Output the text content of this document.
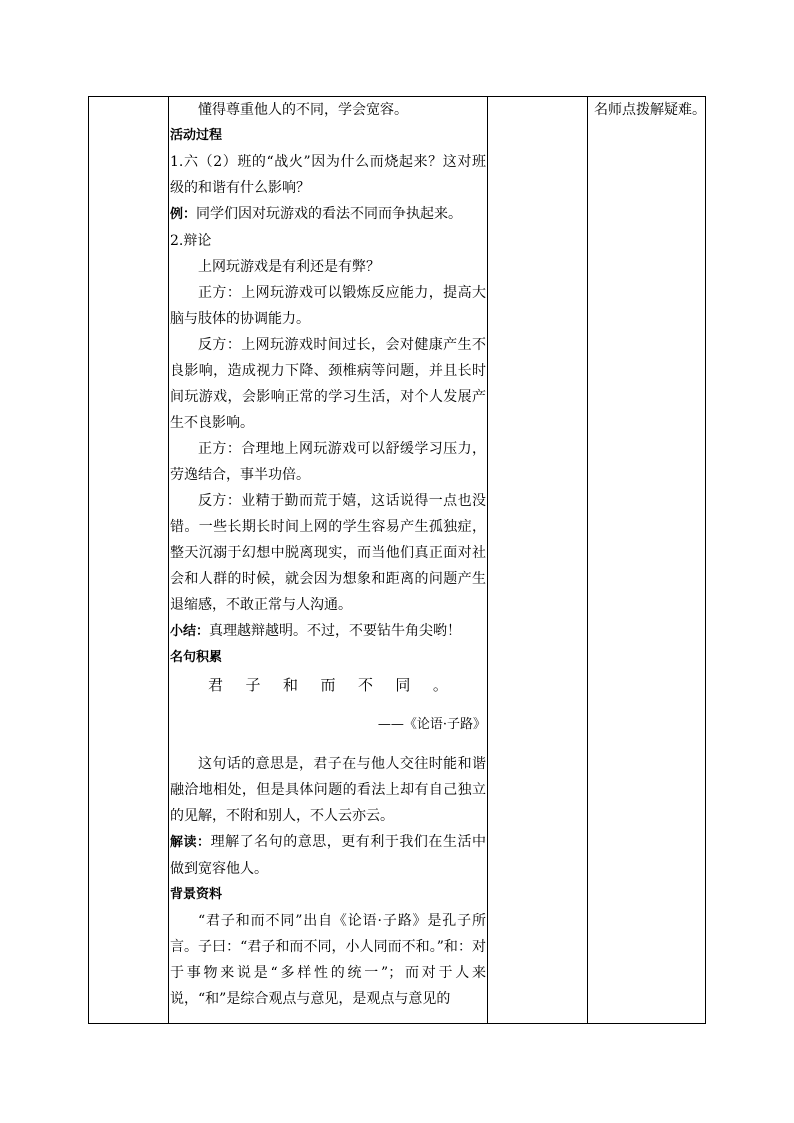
名师点拨解疑难。

懂得尊重他人的不同，学会宽容。

活动过程

1.六（2）班的“战火”因为什么而烧起来？这对班级的和谐有什么影响？

例：同学们因对玩游戏的看法不同而争执起来。

2.辩论

上网玩游戏是有利还是有弊？

正方：上网玩游戏可以锻炼反应能力，提高大脑与肢体的协调能力。

反方：上网玩游戏时间过长，会对健康产生不良影响，造成视力下降、颈椎病等问题，并且长时间玩游戏，会影响正常的学习生活，对个人发展产生不良影响。

正方：合理地上网玩游戏可以舒缓学习压力，劳逸结合，事半功倍。

反方：业精于勤而荒于嬉，这话说得一点也没错。一些长期长时间上网的学生容易产生孤独症，整天沉溺于幻想中脱离现实，而当他们真正面对社会和人群的时候，就会因为想象和距离的问题产生退缩感，不敢正常与人沟通。

小结：真理越辩越明。不过，不要钻牛角尖哟！

名句积累

君 子 和 而 不 同 。

——《论语·子路》

这句话的意思是，君子在与他人交往时能和谐融洽地相处，但是具体问题的看法上却有自己独立的见解，不附和别人，不人云亦云。

解读：理解了名句的意思，更有利于我们在生活中做到宽容他人。

背景资料

“君子和而不同”出自《论语·子路》是孔子所言。子曰：“君子和而不同，小人同而不和。”和：对于事物来说是“多样性的统一”；而对于人来说，“和”是综合观点与意见，是观点与意见的
